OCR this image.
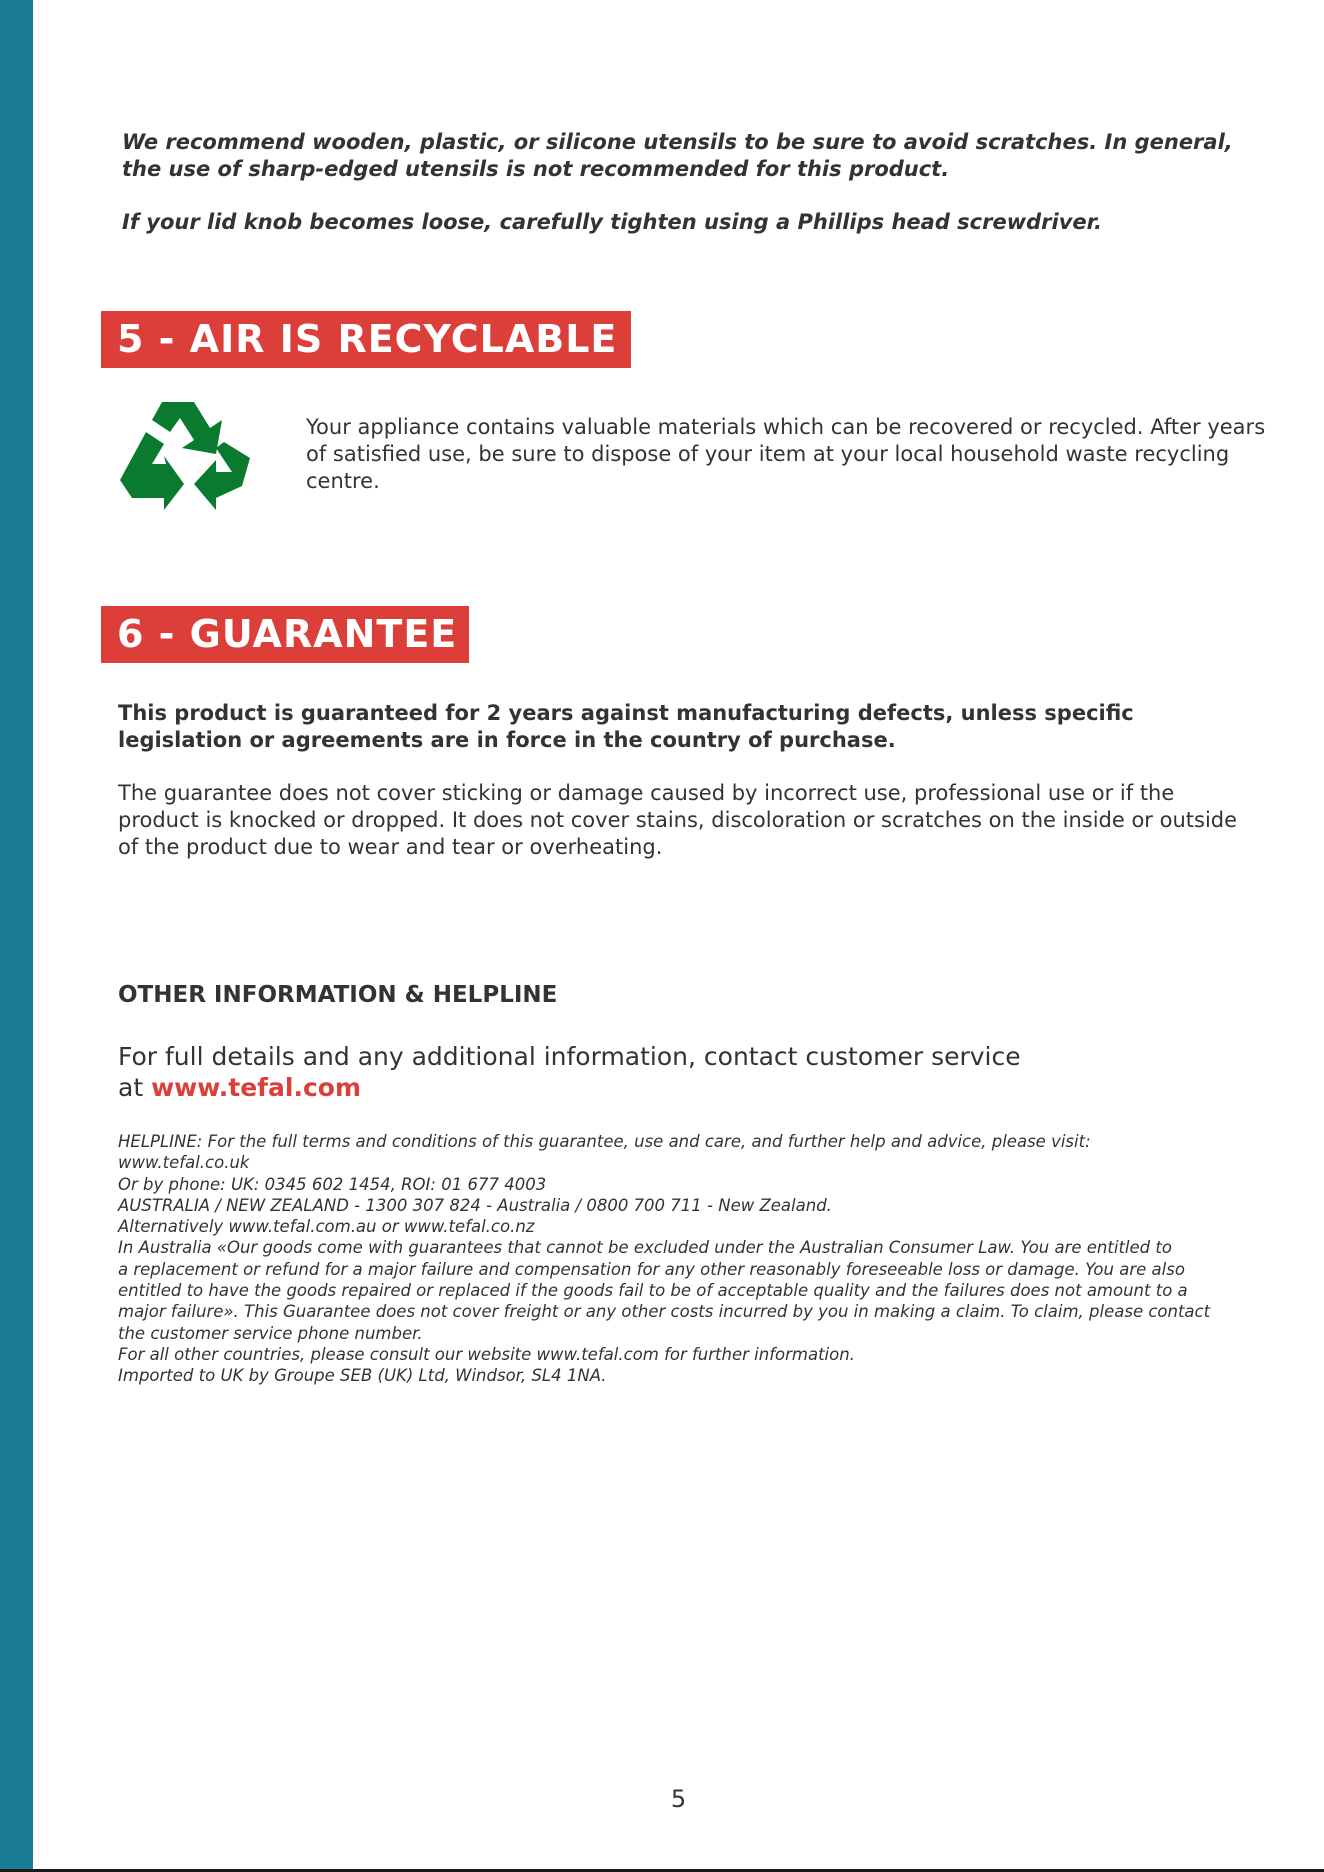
We recommend wooden, plastic, or silicone utensils to be sure to avoid scratches. In general, the use of sharp-edged utensils is not recommended for this product.

If your lid knob becomes loose, carefully tighten using a Phillips head screwdriver.

5 - AIR IS RECYCLABLE

Your appliance contains valuable materials which can be recovered or recycled. After years of satisfied use, be sure to dispose of your item at your local household waste recycling centre.

6 - GUARANTEE

This product is guaranteed for 2 years against manufacturing defects, unless specific legislation or agreements are in force in the country of purchase.

The guarantee does not cover sticking or damage caused by incorrect use, professional use or if the product is knocked or dropped. It does not cover stains, discoloration or scratches on the inside or outside of the product due to wear and tear or overheating.

OTHER INFORMATION & HELPLINE

For full details and any additional information, contact customer service
at www.tefal.com

HELPLINE: For the full terms and conditions of this guarantee, use and care, and further help and advice, please visit:
www.tefal.co.uk
Or by phone: UK: 0345 602 1454, ROI: 01 677 4003
AUSTRALIA / NEW ZEALAND - 1300 307 824 - Australia / 0800 700 711 - New Zealand.
Alternatively www.tefal.com.au or www.tefal.co.nz
In Australia «Our goods come with guarantees that cannot be excluded under the Australian Consumer Law. You are entitled to
a replacement or refund for a major failure and compensation for any other reasonably foreseeable loss or damage. You are also
entitled to have the goods repaired or replaced if the goods fail to be of acceptable quality and the failures does not amount to a
major failure». This Guarantee does not cover freight or any other costs incurred by you in making a claim. To claim, please contact
the customer service phone number.
For all other countries, please consult our website www.tefal.com for further information.
Imported to UK by Groupe SEB (UK) Ltd, Windsor, SL4 1NA.
5
